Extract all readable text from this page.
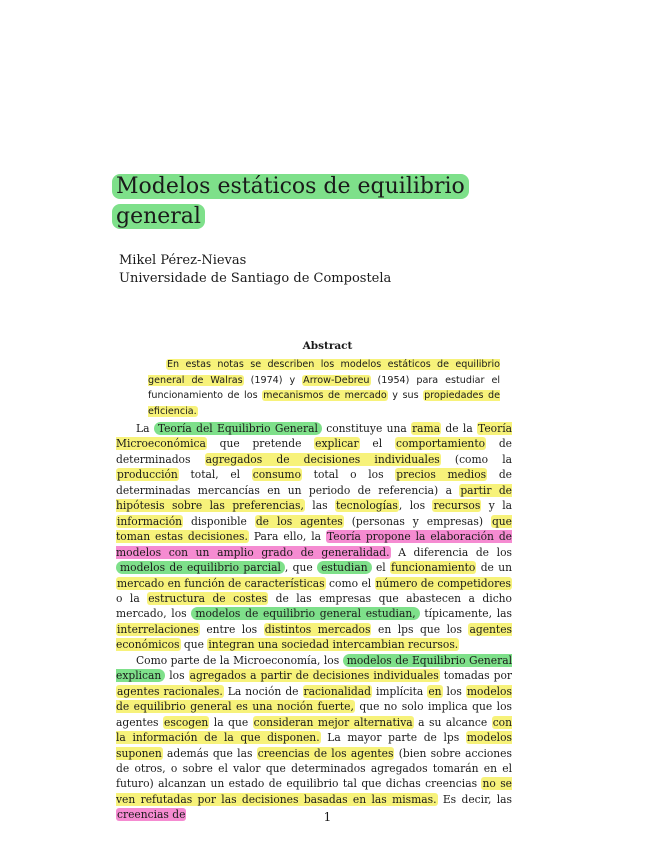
Modelos estáticos de equilibrio
general
Mikel Pérez-Nievas
Universidade de Santiago de Compostela
Abstract
En estas notas se describen los modelos estáticos de equilibrio general de Walras (1974) y Arrow-Debreu (1954) para estudiar el funcionamiento de los mecanismos de mercado y sus propiedades de eficiencia.

La Teoría del Equilibrio General constituye una rama de la Teoría Microeconómica que pretende explicar el comportamiento de determinados agregados de decisiones individuales (como la producción total, el consumo total o los precios medios de determinadas mercancías en un periodo de referencia) a partir de hipótesis sobre las preferencias, las tecnologías, los recursos y la información disponible de los agentes (personas y empresas) que toman estas decisiones. Para ello, la Teoría propone la elaboración de modelos con un amplio grado de generalidad. A diferencia de los modelos de equilibrio parcial , que estudian el funcionamiento de un mercado en función de características como el número de competidores o la estructura de costes de las empresas que abastecen a dicho mercado, los modelos de equilibrio general estudian, típicamente, las interrelaciones entre los distintos mercados en lps que los agentes económicos que integran una sociedad intercambian recursos.

Como parte de la Microeconomía, los modelos de Equilibrio General explican los agregados a partir de decisiones individuales tomadas por agentes racionales. La noción de racionalidad implícita en los modelos de equilibrio general es una noción fuerte, que no solo implica que los agentes escogen la que consideran mejor alternativa a su alcance con la información de la que disponen. La mayor parte de lps modelos suponen además que las creencias de los agentes (bien sobre acciones de otros, o sobre el valor que determinados agregados tomarán en el futuro) alcanzan un estado de equilibrio tal que dichas creencias no se ven refutadas por las decisiones basadas en las mismas. Es decir, las creencias de	1
